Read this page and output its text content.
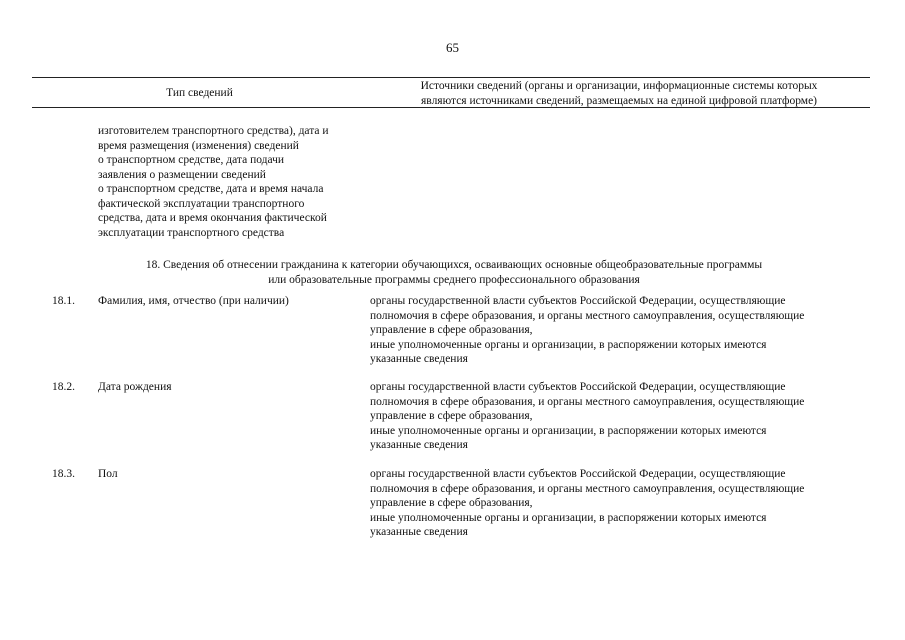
65
Тип сведений
Источники сведений (органы и организации, информационные системы которых
являются источниками сведений, размещаемых на единой цифровой платформе)
изготовителем транспортного средства), дата и
время размещения (изменения) сведений
о транспортном средстве, дата подачи
заявления о размещении сведений
о транспортном средстве, дата и время начала
фактической эксплуатации транспортного
средства, дата и время окончания фактической
эксплуатации транспортного средства
18. Сведения об отнесении гражданина к категории обучающихся, осваивающих основные общеобразовательные программы
или образовательные программы среднего профессионального образования
18.1. Фамилия, имя, отчество (при наличии)	органы государственной власти субъектов Российской Федерации, осуществляющие
полномочия в сфере образования, и органы местного самоуправления, осуществляющие
управление в сфере образования,
иные уполномоченные органы и организации, в распоряжении которых имеются
указанные сведения
18.2. Дата рождения	органы государственной власти субъектов Российской Федерации, осуществляющие
полномочия в сфере образования, и органы местного самоуправления, осуществляющие
управление в сфере образования,
иные уполномоченные органы и организации, в распоряжении которых имеются
указанные сведения
18.3. Пол	органы государственной власти субъектов Российской Федерации, осуществляющие
полномочия в сфере образования, и органы местного самоуправления, осуществляющие
управление в сфере образования,
иные уполномоченные органы и организации, в распоряжении которых имеются
указанные сведения
